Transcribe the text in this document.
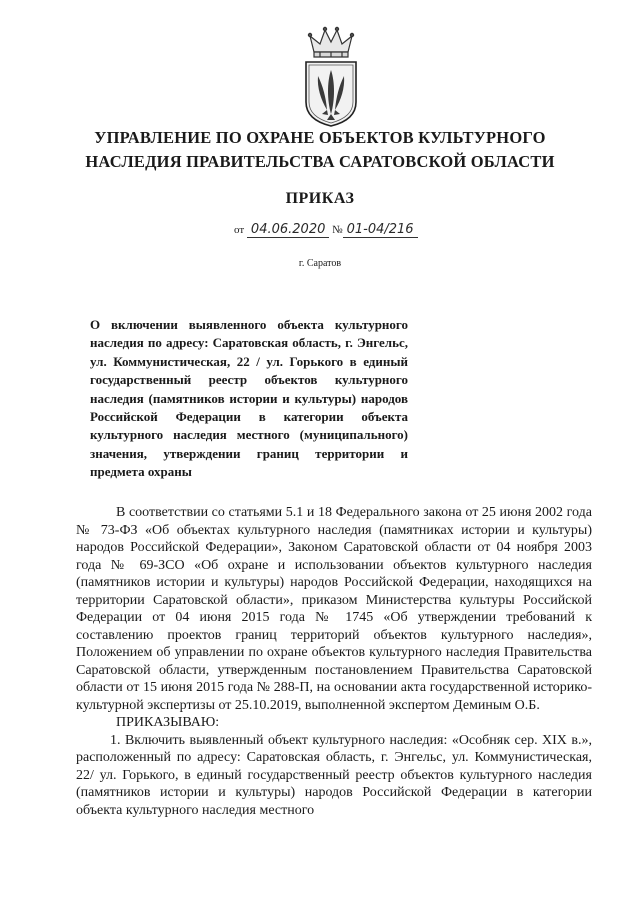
УПРАВЛЕНИЕ ПО ОХРАНЕ ОБЪЕКТОВ КУЛЬТУРНОГО
НАСЛЕДИЯ ПРАВИТЕЛЬСТВА САРАТОВСКОЙ ОБЛАСТИ
ПРИКАЗ
от 04.06.2020 № 01-04/216
г. Саратов
О включении выявленного объекта культурного наследия по адресу: Саратовская область, г. Энгельс, ул. Коммунистическая, 22 / ул. Горького в единый государственный реестр объектов культурного наследия (памятников истории и культуры) народов Российской Федерации в категории объекта культурного наследия местного (муниципального) значения, утверждении границ территории и предмета охраны

В соответствии со статьями 5.1 и 18 Федерального закона от 25 июня 2002 года № 73-ФЗ «Об объектах культурного наследия (памятниках истории и культуры) народов Российской Федерации», Законом Саратовской области от 04 ноября 2003 года № 69-ЗСО «Об охране и использовании объектов культурного наследия (памятников истории и культуры) народов Российской Федерации, находящихся на территории Саратовской области», приказом Министерства культуры Российской Федерации от 04 июня 2015 года № 1745 «Об утверждении требований к составлению проектов границ территорий объектов культурного наследия», Положением об управлении по охране объектов культурного наследия Правительства Саратовской области, утвержденным постановлением Правительства Саратовской области от 15 июня 2015 года № 288-П, на основании акта государственной историко-культурной экспертизы от 25.10.2019, выполненной экспертом Деминым О.Б.

ПРИКАЗЫВАЮ:

1. Включить выявленный объект культурного наследия: «Особняк сер. XIX в.», расположенный по адресу: Саратовская область, г. Энгельс, ул. Коммунистическая, 22/ ул. Горького, в единый государственный реестр объектов культурного наследия (памятников истории и культуры) народов Российской Федерации в категории объекта культурного наследия местного
